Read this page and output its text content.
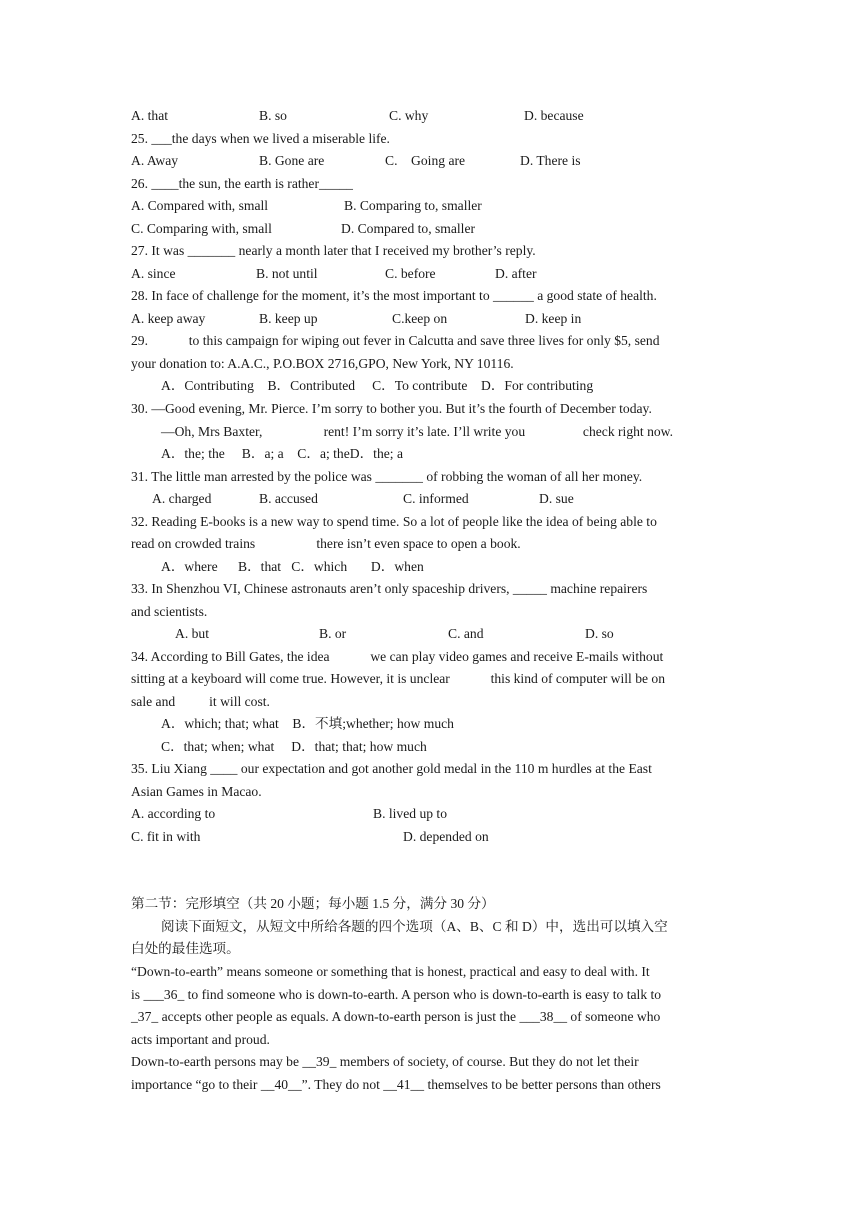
A. that	B. so	C. why	D. because
25. ___the days when we lived a miserable life.
A. Away	B. Gone are	C.    Going are	D. There is
26. ____the sun, the earth is rather_____
A. Compared with, small	B. Comparing to, smaller
C. Comparing with, small	D. Compared to, smaller
27. It was _______ nearly a month later that I received my brother’s reply.
A. since	B. not until	C. before	D. after
28. In face of challenge for the moment, it’s the most important to ______ a good state of health.
A. keep away	B. keep up	C.keep on	D. keep in
29.            to this campaign for wiping out fever in Calcutta and save three lives for only $5, send
your donation to: A.A.C., P.O.BOX 2716,GPO, New York, NY 10116.
A．Contributing    B．Contributed     C．To contribute    D．For contributing
30. —Good evening, Mr. Pierce. I’m sorry to bother you. But it’s the fourth of December today.
—Oh, Mrs Baxter,                  rent! I’m sorry it’s late. I’ll write you                 check right now.
A．the; the     B．a; a    C．a; theD．the; a
31. The little man arrested by the police was _______ of robbing the woman of all her money.
A. charged	B. accused	C. informed	D. sue
32. Reading E-books is a new way to spend time. So a lot of people like the idea of being able to
read on crowded trains                  there isn’t even space to open a book.
A．where      B．that   C．which       D．when
33. In Shenzhou VI, Chinese astronauts aren’t only spaceship drivers, _____ machine repairers
and scientists.
A. but	B. or	C. and	D. so
34. According to Bill Gates, the idea            we can play video games and receive E-mails without
sitting at a keyboard will come true. However, it is unclear            this kind of computer will be on
sale and          it will cost.
A．which; that; what    B．不填;whether; how much
C．that; when; what     D．that; that; how much
35. Liu Xiang ____ our expectation and got another gold medal in the 110 m hurdles at the East
Asian Games in Macao.
A. according to	B. lived up to
C. fit in with	D. depended on
第二节：完形填空（共 20 小题；每小题 1.5 分，满分 30 分）
阅读下面短文，从短文中所给各题的四个选项（A、B、C 和 D）中，选出可以填入空
白处的最佳选项。
“Down-to-earth” means someone or something that is honest, practical and easy to deal with. It
is ___36_ to find someone who is down-to-earth. A person who is down-to-earth is easy to talk to
_37_ accepts other people as equals. A down-to-earth person is just the ___38__ of someone who
acts important and proud.
Down-to-earth persons may be __39_ members of society, of course. But they do not let their
importance “go to their __40__”. They do not __41__ themselves to be better persons than others
